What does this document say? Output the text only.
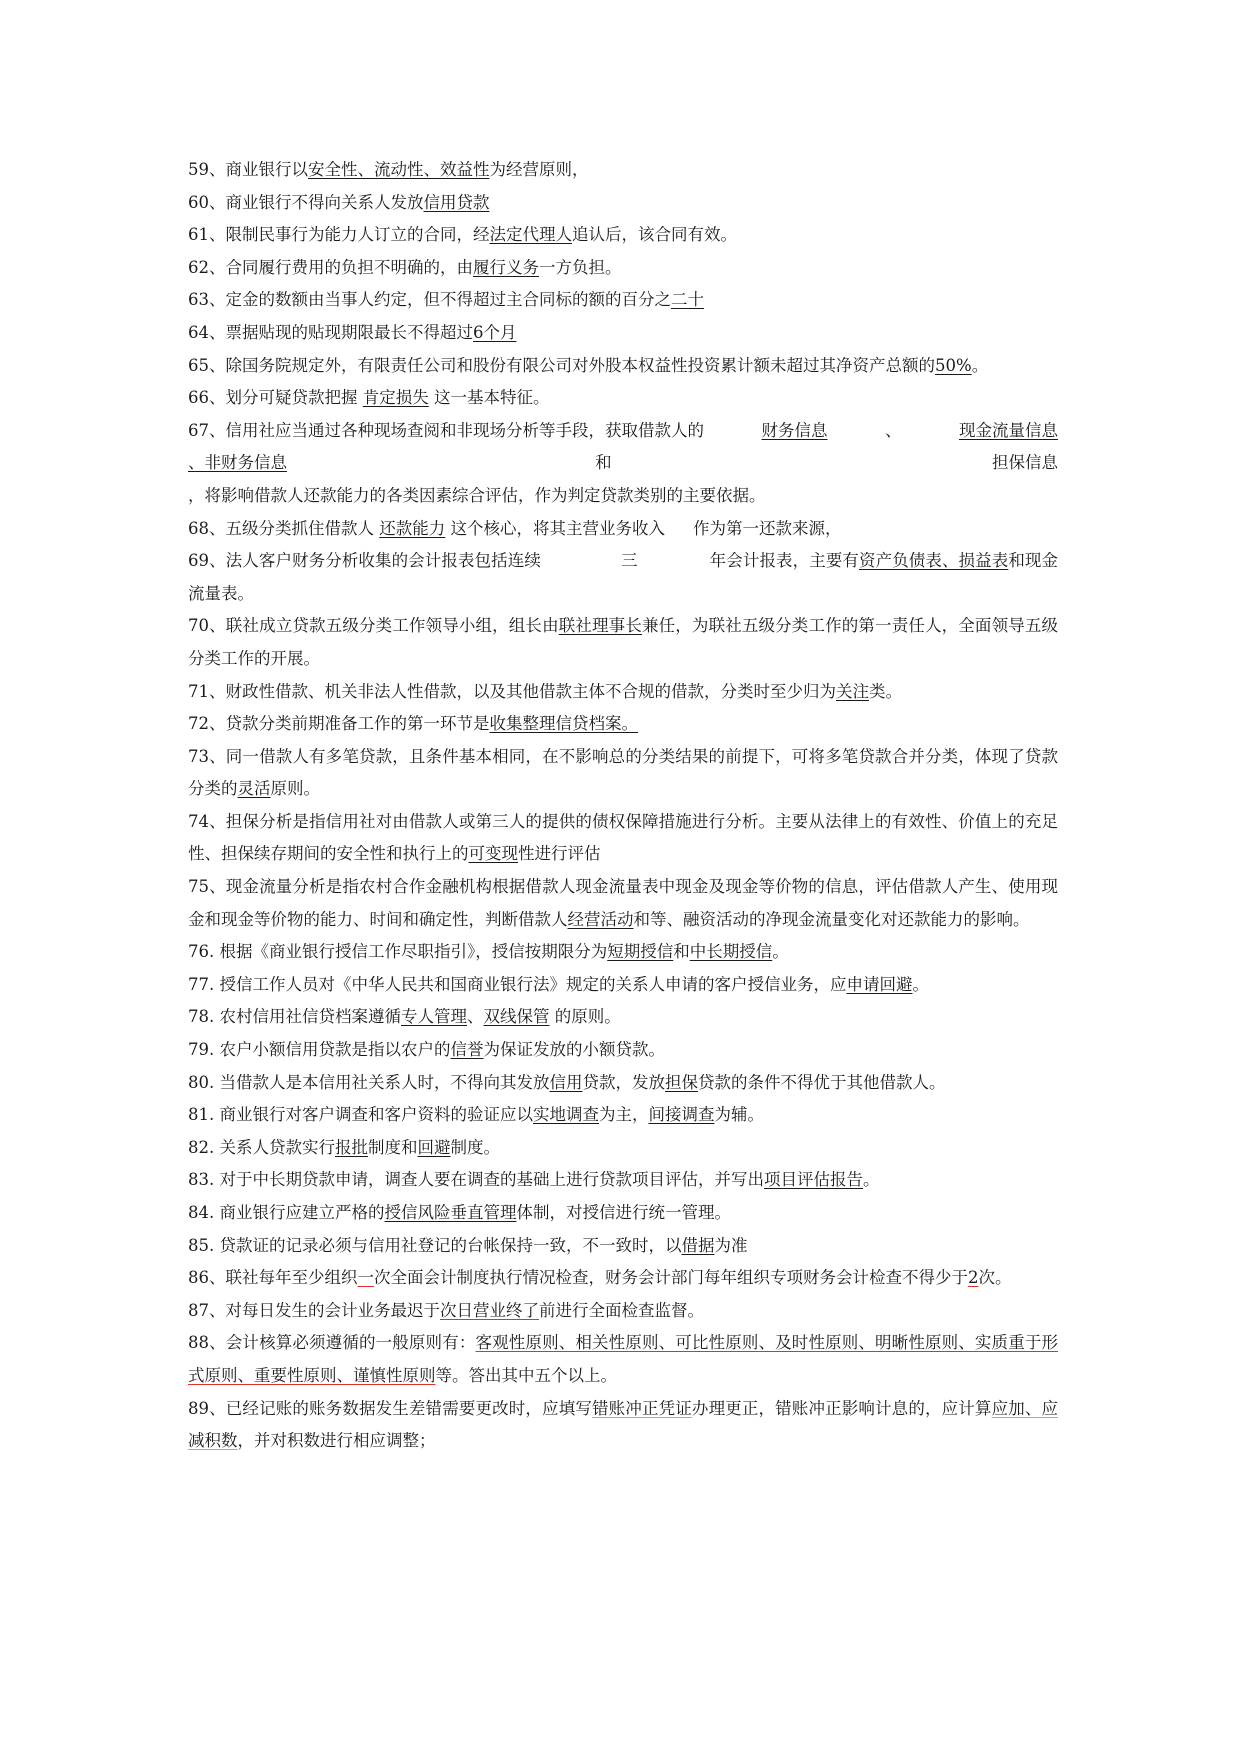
59、商业银行以安全性、流动性、效益性为经营原则，

60、商业银行不得向关系人发放信用贷款

61、限制民事行为能力人订立的合同，经法定代理人追认后，该合同有效。

62、合同履行费用的负担不明确的，由履行义务一方负担。

63、定金的数额由当事人约定，但不得超过主合同标的额的百分之二十

64、票据贴现的贴现期限最长不得超过6个月

65、除国务院规定外，有限责任公司和股份有限公司对外股本权益性投资累计额未超过其净资产总额的50%。

66、划分可疑贷款把握 肯定损失 这一基本特征。

67、信用社应当通过各种现场查阅和非现场分析等手段，获取借款人的	财务信息	、	现金流量信息
、非财务信息	和	担保信息
，将影响借款人还款能力的各类因素综合评估，作为判定贷款类别的主要依据。

68、五级分类抓住借款人 还款能力 这个核心，将其主营业务收入 作为第一还款来源，

69、法人客户财务分析收集的会计报表包括连续	三	年会计报表，主要有资产负债表、损益表和现金流量表。

70、联社成立贷款五级分类工作领导小组，组长由联社理事长兼任，为联社五级分类工作的第一责任人，全面领导五级分类工作的开展。

71、财政性借款、机关非法人性借款，以及其他借款主体不合规的借款，分类时至少归为关注类。

72、贷款分类前期准备工作的第一环节是收集整理信贷档案。

73、同一借款人有多笔贷款，且条件基本相同，在不影响总的分类结果的前提下，可将多笔贷款合并分类，体现了贷款分类的灵活原则。

74、担保分析是指信用社对由借款人或第三人的提供的债权保障措施进行分析。主要从法律上的有效性、价值上的充足性、担保续存期间的安全性和执行上的可变现性进行评估

75、现金流量分析是指农村合作金融机构根据借款人现金流量表中现金及现金等价物的信息，评估借款人产生、使用现金和现金等价物的能力、时间和确定性，判断借款人经营活动和等、融资活动的净现金流量变化对还款能力的影响。

76. 根据《商业银行授信工作尽职指引》，授信按期限分为短期授信和中长期授信。

77. 授信工作人员对《中华人民共和国商业银行法》规定的关系人申请的客户授信业务，应申请回避。

78. 农村信用社信贷档案遵循专人管理、双线保管 的原则。

79. 农户小额信用贷款是指以农户的信誉为保证发放的小额贷款。

80. 当借款人是本信用社关系人时，不得向其发放信用贷款，发放担保贷款的条件不得优于其他借款人。

81. 商业银行对客户调查和客户资料的验证应以实地调查为主，间接调查为辅。

82. 关系人贷款实行报批制度和回避制度。

83. 对于中长期贷款申请，调查人要在调查的基础上进行贷款项目评估，并写出项目评估报告。

84. 商业银行应建立严格的授信风险垂直管理体制，对授信进行统一管理。

85. 贷款证的记录必须与信用社登记的台帐保持一致，不一致时，以借据为准

86、联社每年至少组织一次全面会计制度执行情况检查，财务会计部门每年组织专项财务会计检查不得少于2次。

87、对每日发生的会计业务最迟于次日营业终了前进行全面检查监督。

88、会计核算必须遵循的一般原则有：客观性原则、相关性原则、可比性原则、及时性原则、明晰性原则、实质重于形式原则、重要性原则、谨慎性原则等。答出其中五个以上。

89、已经记账的账务数据发生差错需要更改时，应填写错账冲正凭证办理更正，错账冲正影响计息的，应计算应加、应减积数，并对积数进行相应调整；
